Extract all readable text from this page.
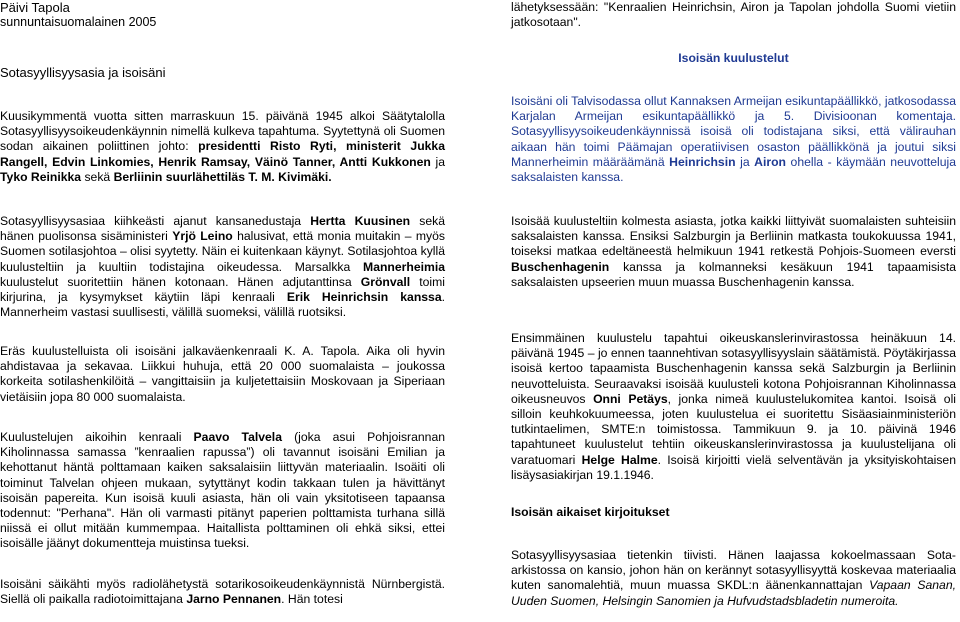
Päivi Tapola
sunnuntaisuomalainen 2005
Sotasyyllisyysasia ja isoisäni

Kuusikymmentä vuotta sitten marraskuun 15. päivänä 1945 alkoi Säätytalolla Sotasyyllisyysoikeudenkäynnin nimellä kulkeva tapahtuma. Syytettynä oli Suomen sodan aikainen poliittinen johto: presidentti Risto Ryti, ministerit Jukka Rangell, Edvin Linkomies, Henrik Ramsay, Väinö Tanner, Antti Kukkonen ja Tyko Reinikka sekä Berliinin suurlähettiläs T. M. Kivimäki.

Sotasyyllisyysasiaa kiihkeästi ajanut kansanedustaja Hertta Kuusinen sekä hänen puolisonsa sisäministeri Yrjö Leino halusivat, että monia muitakin – myös Suomen sotilasjohtoa – olisi syytetty. Näin ei kuitenkaan käynyt. Sotilasjohtoa kyllä kuulusteltiin ja kuultiin todistajina oikeudessa. Marsalkka Mannerheimia kuulustelut suoritettiin hänen kotonaan. Hänen adjutanttinsa Grönvall toimi kirjurina, ja kysymykset käytiin läpi kenraali Erik Heinrichsin kanssa. Mannerheim vastasi suullisesti, välillä suomeksi, välillä ruotsiksi.

Eräs kuulustelluista oli isoisäni jalkaväenkenraali K. A. Tapola. Aika oli hyvin ahdistavaa ja sekavaa. Liikkui huhuja, että 20 000 suomalaista – joukossa korkeita sotilashenkilöitä – vangittaisiin ja kuljetettaisiin Moskovaan ja Siperiaan vietäisiin jopa 80 000 suomalaista.

Kuulustelujen aikoihin kenraali Paavo Talvela (joka asui Pohjoisrannan Kiholinnassa samassa ”kenraalien rapussa”) oli tavannut isoisäni Emilian ja kehottanut häntä polttamaan kaiken saksalaisiin liittyvän materiaalin. Isoäiti oli toiminut Talvelan ohjeen mukaan, sytyttänyt kodin takkaan tulen ja hävittänyt isoisän papereita. Kun isoisä kuuli asiasta, hän oli vain yksitotiseen tapaansa todennut: "Perhana". Hän oli varmasti pitänyt paperien polttamista turhana sillä niissä ei ollut mitään kummempaa. Haitallista polttaminen oli ehkä siksi, ettei isoisälle jäänyt dokumentteja muistinsa tueksi.

Isoisäni säikähti myös radiolähetystä sotarikosoikeudenkäynnistä Nürnbergistä. Siellä oli paikalla radiotoimittajana Jarno Pennanen. Hän totesi

lähetyksessään: "Kenraalien Heinrichsin, Airon ja Tapolan johdolla Suomi vietiin jatkosotaan".

Isoisän kuulustelut

Isoisäni oli Talvisodassa ollut Kannaksen Armeijan esikuntapäällikkö, jatkosodassa Karjalan Armeijan esikuntapäällikkö ja 5. Divisioonan komentaja. Sotasyyllisyysoikeudenkäynnissä isoisä oli todistajana siksi, että välirauhan aikaan hän toimi Päämajan operatiivisen osaston päällikkönä ja joutui siksi Mannerheimin määräämänä Heinrichsin ja Airon ohella - käymään neuvotteluja saksalaisten kanssa.

Isoisää kuulusteltiin kolmesta asiasta, jotka kaikki liittyivät suomalaisten suhteisiin saksalaisten kanssa. Ensiksi Salzburgin ja Berliinin matkasta toukokuussa 1941, toiseksi matkaa edeltäneestä helmikuun 1941 retkestä Pohjois-Suomeen eversti Buschenhagenin kanssa ja kolmanneksi kesäkuun 1941 tapaamisista saksalaisten upseerien muun muassa Buschenhagenin kanssa.

Ensimmäinen kuulustelu tapahtui oikeuskanslerinvirastossa heinäkuun 14. päivänä 1945 – jo ennen taannehtivan sotasyyllisyyslain säätämistä. Pöytäkirjassa isoisä kertoo tapaamista Buschenhagenin kanssa sekä Salzburgin ja Berliinin neuvotteluista. Seuraavaksi isoisää kuulusteli kotona Pohjoisrannan Kiholinnassa oikeusneuvos Onni Petäys, jonka nimeä kuulustelukomitea kantoi. Isoisä oli silloin keuhkokuumeessa, joten kuulustelua ei suoritettu Sisäasiainministeriön tutkintaelimen, SMTE:n toimistossa. Tammikuun 9. ja 10. päivinä 1946 tapahtuneet kuulustelut tehtiin oikeuskanslerinvirastossa ja kuulustelijana oli varatuomari Helge Halme. Isoisä kirjoitti vielä selventävän ja yksityiskohtaisen lisäysasiakirjan 19.1.1946.

Isoisän aikaiset kirjoitukset

Sotasyyllisyysasiaa tietenkin tiivisti. Hänen laajassa kokoelmassaan Sota-arkistossa on kansio, johon hän on kerännyt sotasyyllisyyttä koskevaa materiaalia kuten sanomalehtiä, muun muassa SKDL:n äänenkannattajan Vapaan Sanan, Uuden Suomen, Helsingin Sanomien ja Hufvudstadsbladetin numeroita.
